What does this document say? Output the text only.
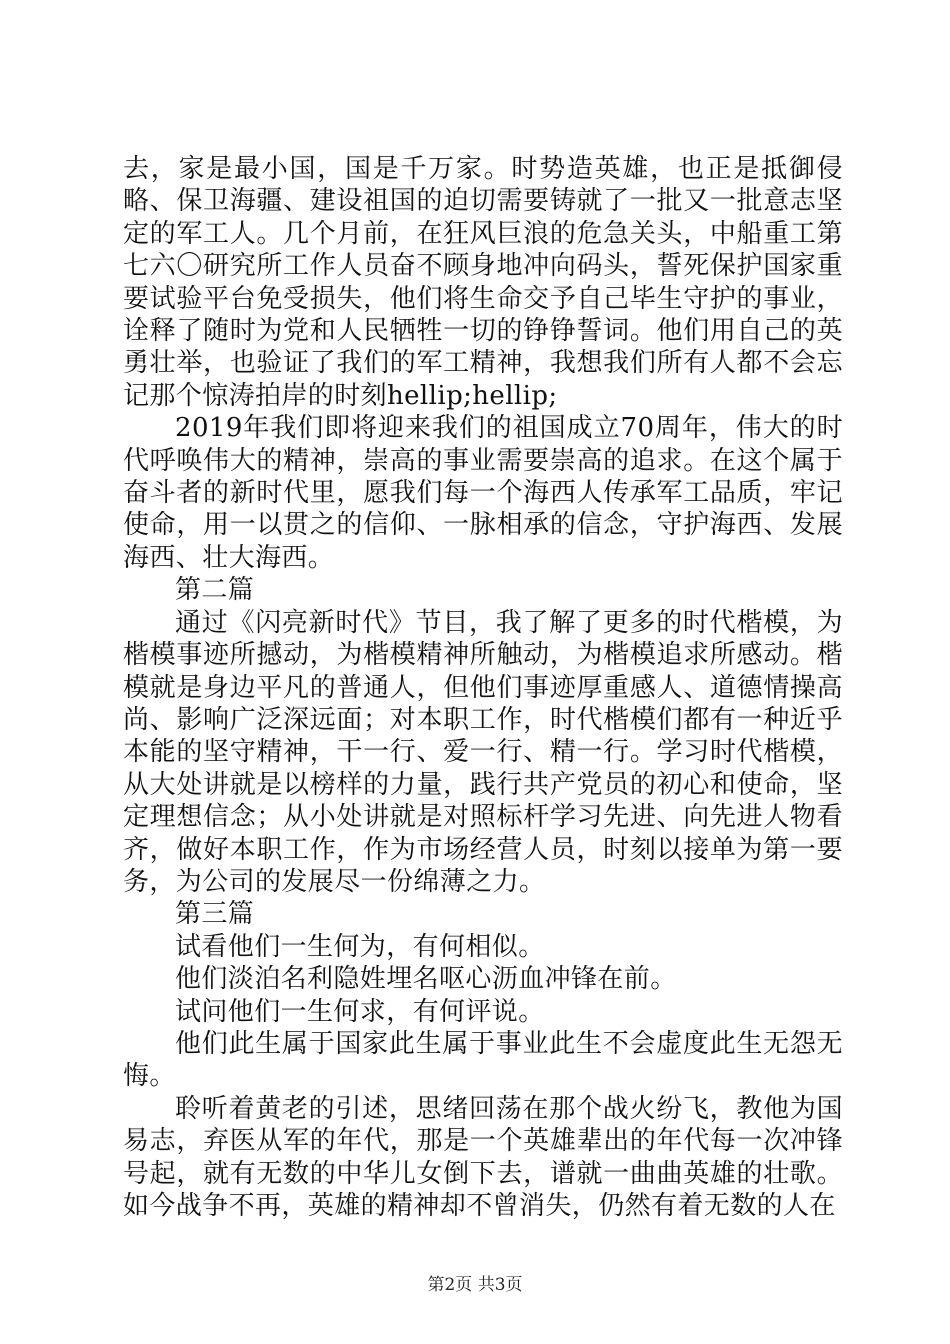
去，家是最小国，国是千万家。时势造英雄，也正是抵御侵略、保卫海疆、建设祖国的迫切需要铸就了一批又一批意志坚定的军工人。几个月前，在狂风巨浪的危急关头，中船重工第七六〇研究所工作人员奋不顾身地冲向码头，誓死保护国家重要试验平台免受损失，他们将生命交予自己毕生守护的事业，诠释了随时为党和人民牺牲一切的铮铮誓词。他们用自己的英勇壮举，也验证了我们的军工精神，我想我们所有人都不会忘记那个惊涛拍岸的时刻hellip;hellip;

2019年我们即将迎来我们的祖国成立70周年，伟大的时代呼唤伟大的精神，崇高的事业需要崇高的追求。在这个属于奋斗者的新时代里，愿我们每一个海西人传承军工品质，牢记使命，用一以贯之的信仰、一脉相承的信念，守护海西、发展海西、壮大海西。

第二篇

通过《闪亮新时代》节目，我了解了更多的时代楷模，为楷模事迹所撼动，为楷模精神所触动，为楷模追求所感动。楷模就是身边平凡的普通人，但他们事迹厚重感人、道德情操高尚、影响广泛深远面；对本职工作，时代楷模们都有一种近乎本能的坚守精神，干一行、爱一行、精一行。学习时代楷模，从大处讲就是以榜样的力量，践行共产党员的初心和使命，坚定理想信念；从小处讲就是对照标杆学习先进、向先进人物看齐，做好本职工作，作为市场经营人员，时刻以接单为第一要务，为公司的发展尽一份绵薄之力。

第三篇

试看他们一生何为，有何相似。

他们淡泊名利隐姓埋名呕心沥血冲锋在前。

试问他们一生何求，有何评说。

他们此生属于国家此生属于事业此生不会虚度此生无怨无悔。

聆听着黄老的引述，思绪回荡在那个战火纷飞，教他为国易志，弃医从军的年代，那是一个英雄辈出的年代每一次冲锋号起，就有无数的中华儿女倒下去，谱就一曲曲英雄的壮歌。如今战争不再，英雄的精神却不曾消失，仍然有着无数的人在

第2页 共3页
